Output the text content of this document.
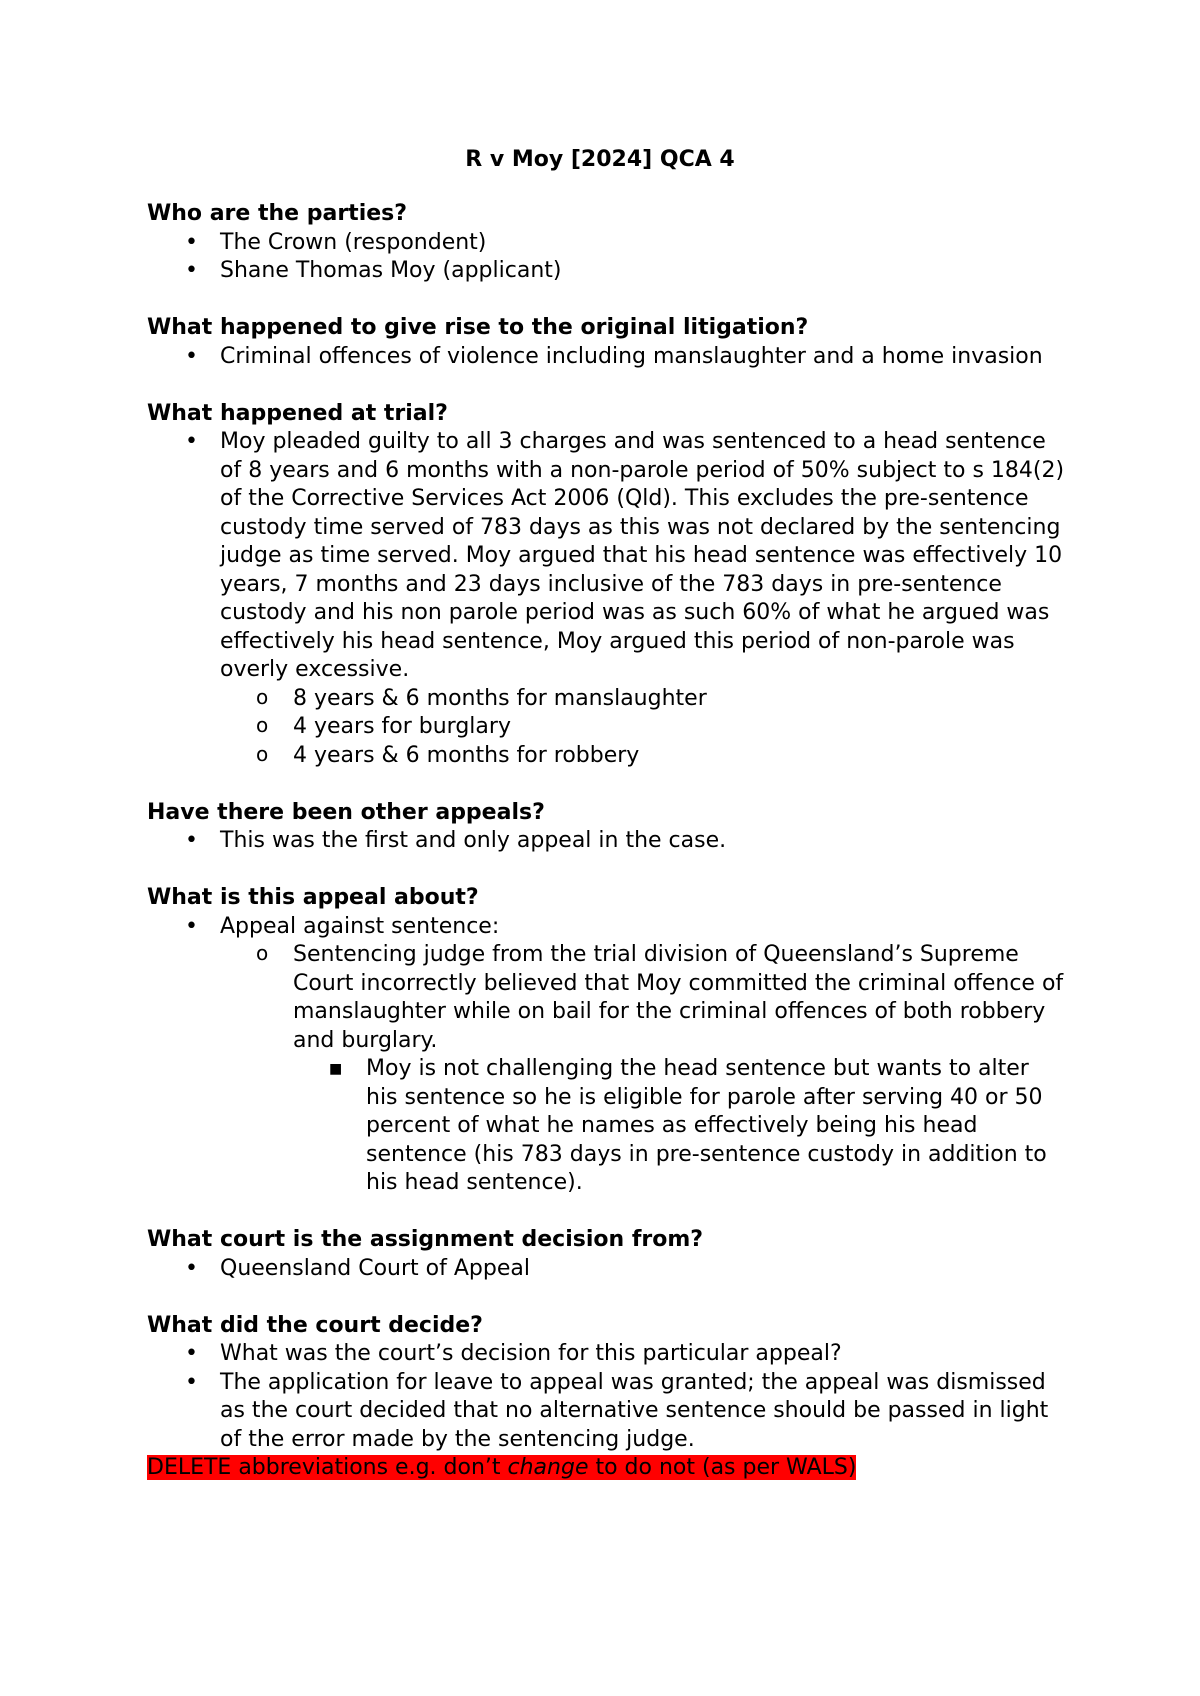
R v Moy [2024] QCA 4

Who are the parties?

•	The Crown (respondent)
•	Shane Thomas Moy (applicant)

What happened to give rise to the original litigation?

•	Criminal offences of violence including manslaughter and a home invasion

What happened at trial?

•	Moy pleaded guilty to all 3 charges and was sentenced to a head sentence of 8 years and 6 months with a non-parole period of 50% subject to s 184(2) of the Corrective Services Act 2006 (Qld). This excludes the pre-sentence custody time served of 783 days as this was not declared by the sentencing judge as time served. Moy argued that his head sentence was effectively 10 years, 7 months and 23 days inclusive of the 783 days in pre-sentence custody and his non parole period was as such 60% of what he argued was effectively his head sentence, Moy argued this period of non-parole was overly excessive.
o 8 years & 6 months for manslaughter
o 4 years for burglary
o 4 years & 6 months for robbery

Have there been other appeals?

•	This was the first and only appeal in the case.

What is this appeal about?

•	Appeal against sentence:
o Sentencing judge from the trial division of Queensland’s Supreme Court incorrectly believed that Moy committed the criminal offence of manslaughter while on bail for the criminal offences of both robbery and burglary.
■ Moy is not challenging the head sentence but wants to alter his sentence so he is eligible for parole after serving 40 or 50 percent of what he names as effectively being his head sentence (his 783 days in pre-sentence custody in addition to his head sentence).

What court is the assignment decision from?

•	Queensland Court of Appeal

What did the court decide?

•	What was the court’s decision for this particular appeal?
•	The application for leave to appeal was granted; the appeal was dismissed as the court decided that no alternative sentence should be passed in light of the error made by the sentencing judge.
DELETE abbreviations e.g. don’t change to do not (as per WALS)
